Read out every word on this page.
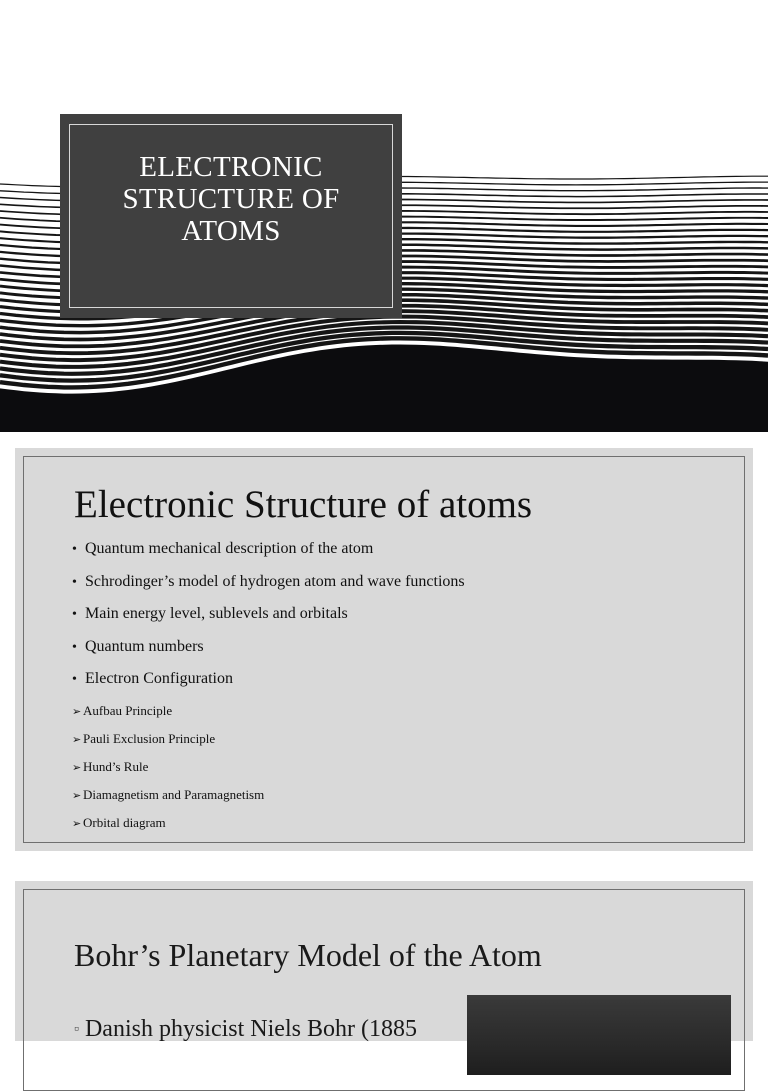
ELECTRONIC
STRUCTURE OF
ATOMS
Electronic Structure of atoms
• Quantum mechanical description of the atom
• Schrodinger’s model of hydrogen atom and wave functions
• Main energy level, sublevels and orbitals
• Quantum numbers
• Electron Configuration
➢ Aufbau Principle
➢ Pauli Exclusion Principle
➢ Hund’s Rule
➢ Diamagnetism and Paramagnetism
➢ Orbital diagram
Bohr’s Planetary Model of the Atom
▫ Danish physicist Niels Bohr (1885
